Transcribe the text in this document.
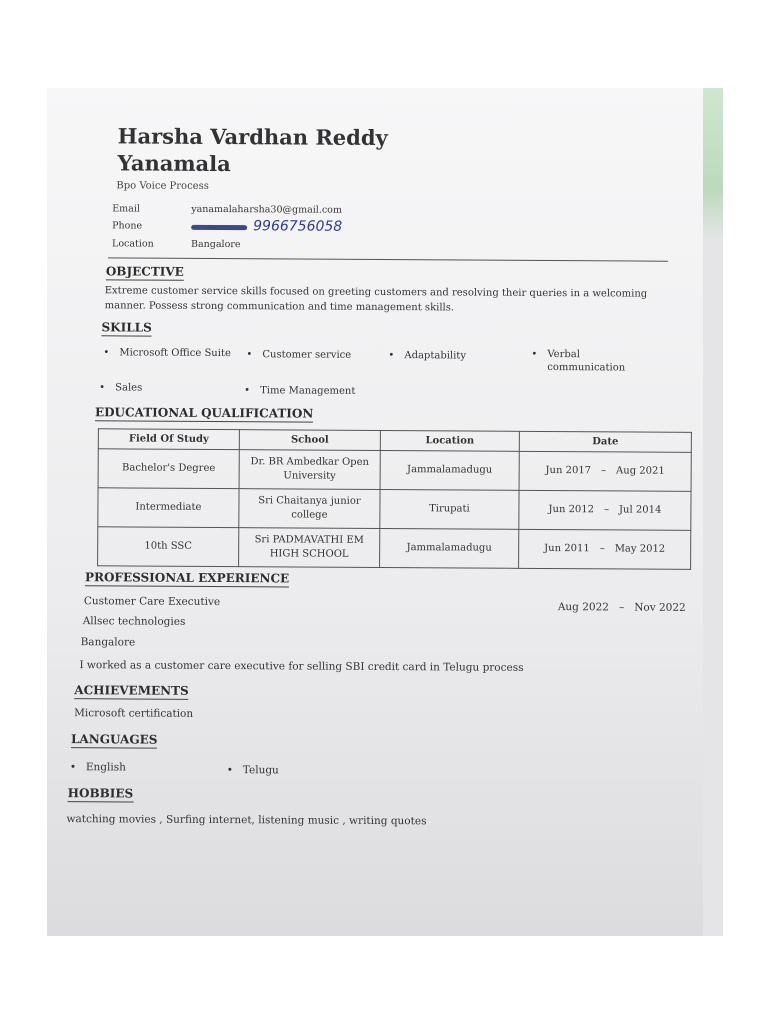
Harsha Vardhan Reddy
Yanamala
Bpo Voice Process
Email	yanamalaharsha30@gmail.com
Phone	9966756058
Location	Bangalore
OBJECTIVE
Extreme customer service skills focused on greeting customers and resolving their queries in a welcoming
manner. Possess strong communication and time management skills.
SKILLS
• Microsoft Office Suite	• Customer service	• Adaptability	• Verbal
communication
• Sales	• Time Management
EDUCATIONAL QUALIFICATION
Field Of Study	School	Location	Date
Bachelor's Degree	Dr. BR Ambedkar Open
University	Jammalamadugu	Jun 2017 – Aug 2021

Intermediate	Sri Chaitanya junior
college	Tirupati	Jun 2012 – Jul 2014

10th SSC	Sri PADMAVATHI EM
HIGH SCHOOL	Jammalamadugu	Jun 2011 – May 2012
PROFESSIONAL EXPERIENCE
Customer Care Executive	Aug 2022 – Nov 2022
Allsec technologies
Bangalore
I worked as a customer care executive for selling SBI credit card in Telugu process
ACHIEVEMENTS
Microsoft certification
LANGUAGES
• English	• Telugu
HOBBIES
watching movies , Surfing internet, listening music , writing quotes
